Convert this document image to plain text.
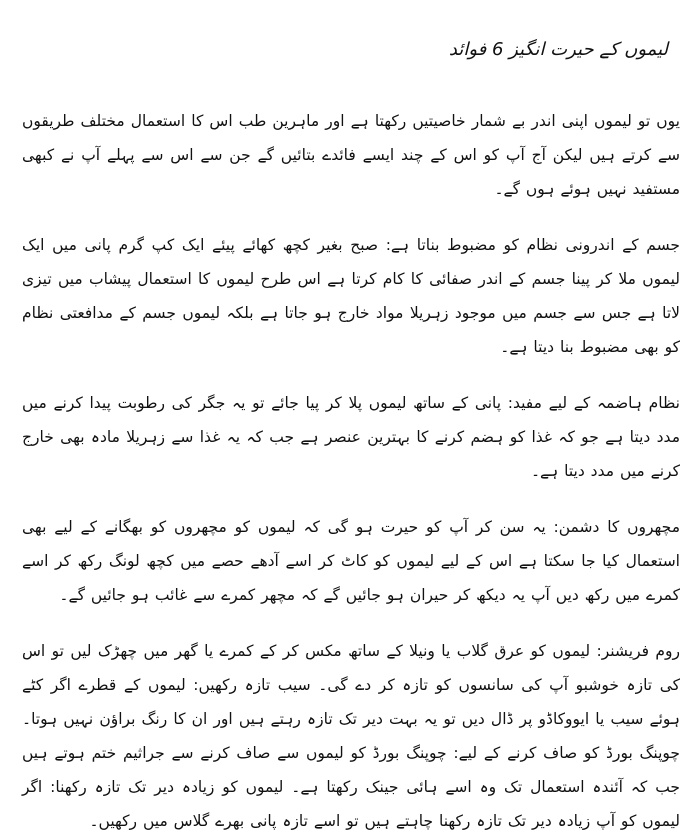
لیموں کے حیرت انگیز 6 فوائد

یوں تو لیموں اپنی اندر بے شمار خاصیتیں رکھتا ہے اور ماہرین طب اس کا استعمال مختلف طریقوں سے کرتے ہیں لیکن آج آپ کو اس کے چند ایسے فائدے بتائیں گے جن سے اس سے پہلے آپ نے کبھی مستفید نہیں ہوئے ہوں گے۔

جسم کے اندرونی نظام کو مضبوط بناتا ہے: صبح بغیر کچھ کھائے پیئے ایک کپ گرم پانی میں ایک لیموں ملا کر پینا جسم کے اندر صفائی کا کام کرتا ہے اس طرح لیموں کا استعمال پیشاب میں تیزی لاتا ہے جس سے جسم میں موجود زہریلا مواد خارج ہو جاتا ہے بلکہ لیموں جسم کے مدافعتی نظام کو بھی مضبوط بنا دیتا ہے۔

نظام ہاضمہ کے لیے مفید: پانی کے ساتھ لیموں پلا کر پیا جائے تو یہ جگر کی رطوبت پیدا کرنے میں مدد دیتا ہے جو کہ غذا کو ہضم کرنے کا بہترین عنصر ہے جب کہ یہ غذا سے زہریلا مادہ بھی خارج کرنے میں مدد دیتا ہے۔

مچھروں کا دشمن: یہ سن کر آپ کو حیرت ہو گی کہ لیموں کو مچھروں کو بھگانے کے لیے بھی استعمال کیا جا سکتا ہے اس کے لیے لیموں کو کاٹ کر اسے آدھے حصے میں کچھ لونگ رکھ کر اسے کمرے میں رکھ دیں آپ یہ دیکھ کر حیران ہو جائیں گے کہ مچھر کمرے سے غائب ہو جائیں گے۔

روم فریشنر: لیموں کو عرق گلاب یا ونیلا کے ساتھ مکس کر کے کمرے یا گھر میں چھڑک لیں تو اس کی تازہ خوشبو آپ کی سانسوں کو تازہ کر دے گی۔ سیب تازہ رکھیں: لیموں کے قطرے اگر کٹے ہوئے سیب یا ایووکاڈو پر ڈال دیں تو یہ بہت دیر تک تازہ رہتے ہیں اور ان کا رنگ براؤن نہیں ہوتا۔ چوپنگ بورڈ کو صاف کرنے کے لیے: چوپنگ بورڈ کو لیموں سے صاف کرنے سے جراثیم ختم ہوتے ہیں جب کہ آئندہ استعمال تک وہ اسے ہائی جینک رکھتا ہے۔ لیموں کو زیادہ دیر تک تازہ رکھنا: اگر لیموں کو آپ زیادہ دیر تک تازہ رکھنا چاہتے ہیں تو اسے تازہ پانی بھرے گلاس میں رکھیں۔
